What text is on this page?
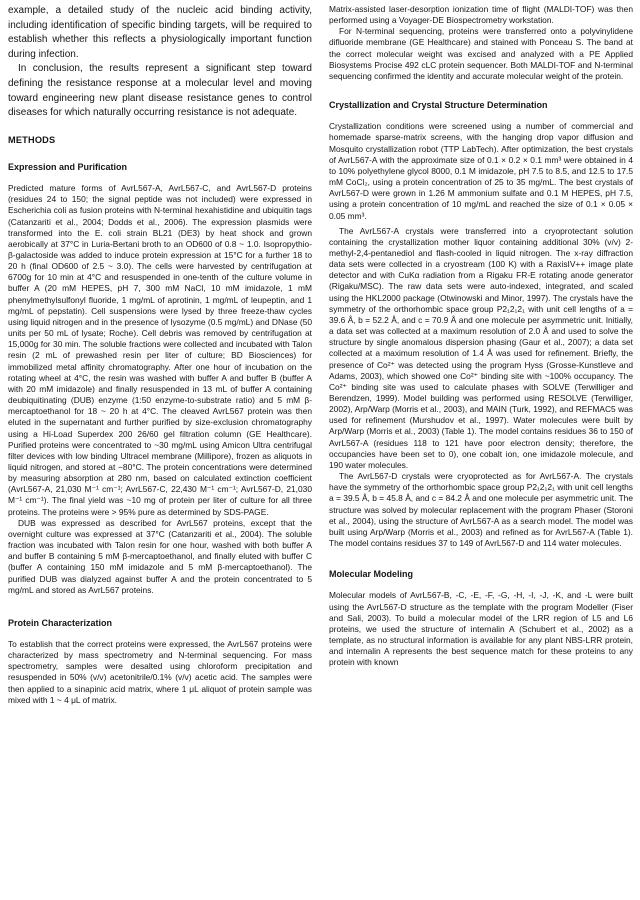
example, a detailed study of the nucleic acid binding activity, including identification of specific binding targets, will be required to establish whether this reflects a physiologically important function during infection.

In conclusion, the results represent a significant step toward defining the resistance response at a molecular level and moving toward engineering new plant disease resistance genes to control diseases for which naturally occurring resistance is not adequate.

METHODS
Expression and Purification

Predicted mature forms of AvrL567-A, AvrL567-C, and AvrL567-D proteins (residues 24 to 150; the signal peptide was not included) were expressed in Escherichia coli as fusion proteins with N-terminal hexahistidine and ubiquitin tags (Catanzariti et al., 2004; Dodds et al., 2006). The expression plasmids were transformed into the E. coli strain BL21 (DE3) by heat shock and grown aerobically at 37°C in Luria-Bertani broth to an OD600 of 0.8 ~ 1.0. Isopropythio-β-galactoside was added to induce protein expression at 15°C for a further 18 to 20 h (final OD600 of 2.5 ~ 3.0). The cells were harvested by centrifugation at 6700g for 10 min at 4°C and resuspended in one-tenth of the culture volume in buffer A (20 mM HEPES, pH 7, 300 mM NaCl, 10 mM imidazole, 1 mM phenylmethylsulfonyl fluoride, 1 mg/mL of aprotinin, 1 mg/mL of leupeptin, and 1 mg/mL of pepstatin). Cell suspensions were lysed by three freeze-thaw cycles using liquid nitrogen and in the presence of lysozyme (0.5 mg/mL) and DNase (50 units per 50 mL of lysate; Roche). Cell debris was removed by centrifugation at 15,000g for 30 min. The soluble fractions were collected and incubated with Talon resin (2 mL of prewashed resin per liter of culture; BD Biosciences) for immobilized metal affinity chromatography. After one hour of incubation on the rotating wheel at 4°C, the resin was washed with buffer A and buffer B (buffer A with 20 mM imidazole) and finally resuspended in 13 mL of buffer A containing deubiquitinating (DUB) enzyme (1:50 enzyme-to-substrate ratio) and 5 mM β-mercaptoethanol for 18 ~ 20 h at 4°C. The cleaved AvrL567 protein was then eluted in the supernatant and further purified by size-exclusion chromatography using a Hi-Load Superdex 200 26/60 gel filtration column (GE Healthcare). Purified proteins were concentrated to ~30 mg/mL using Amicon Ultra centrifugal filter devices with low binding Ultracel membrane (Millipore), frozen as aliquots in liquid nitrogen, and stored at −80°C. The protein concentrations were determined by measuring absorption at 280 nm, based on calculated extinction coefficient (AvrL567-A, 21,030 M⁻¹ cm⁻¹; AvrL567-C, 22,430 M⁻¹ cm⁻¹; AvrL567-D, 21,030 M⁻¹ cm⁻¹). The final yield was ~10 mg of protein per liter of culture for all three proteins. The proteins were > 95% pure as determined by SDS-PAGE.

DUB was expressed as described for AvrL567 proteins, except that the overnight culture was expressed at 37°C (Catanzariti et al., 2004). The soluble fraction was incubated with Talon resin for one hour, washed with both buffer A and buffer B containing 5 mM β-mercaptoethanol, and finally eluted with buffer C (buffer A containing 150 mM imidazole and 5 mM β-mercaptoethanol). The purified DUB was dialyzed against buffer A and the protein concentrated to 5 mg/mL and stored as AvrL567 proteins.

Protein Characterization

To establish that the correct proteins were expressed, the AvrL567 proteins were characterized by mass spectrometry and N-terminal sequencing. For mass spectrometry, samples were desalted using chloroform precipitation and resuspended in 50% (v/v) acetonitrile/0.1% (v/v) acetic acid. The samples were then applied to a sinapinic acid matrix, where 1 μL aliquot of protein sample was mixed with 1 ~ 4 μL of matrix.

Matrix-assisted laser-desorption ionization time of flight (MALDI-TOF) was then performed using a Voyager-DE Biospectrometry workstation.

For N-terminal sequencing, proteins were transferred onto a polyvinylidene difluoride membrane (GE Healthcare) and stained with Ponceau S. The band at the correct molecular weight was excised and analyzed with a PE Applied Biosystems Procise 492 cLC protein sequencer. Both MALDI-TOF and N-terminal sequencing confirmed the identity and accurate molecular weight of the protein.

Crystallization and Crystal Structure Determination

Crystallization conditions were screened using a number of commercial and homemade sparse-matrix screens, with the hanging drop vapor diffusion and Mosquito crystallization robot (TTP LabTech). After optimization, the best crystals of AvrL567-A with the approximate size of 0.1 × 0.2 × 0.1 mm³ were obtained in 4 to 10% polyethylene glycol 8000, 0.1 M imidazole, pH 7.5 to 8.5, and 12.5 to 17.5 mM CoCl₂, using a protein concentration of 25 to 35 mg/mL. The best crystals of AvrL567-D were grown in 1.26 M ammonium sulfate and 0.1 M HEPES, pH 7.5, using a protein concentration of 10 mg/mL and reached the size of 0.1 × 0.05 × 0.05 mm³.

The AvrL567-A crystals were transferred into a cryoprotectant solution containing the crystallization mother liquor containing additional 30% (v/v) 2-methyl-2,4-pentanediol and flash-cooled in liquid nitrogen. The x-ray diffraction data sets were collected in a cryostream (100 K) with a RaxisIV++ image plate detector and with CuKα radiation from a Rigaku FR-E rotating anode generator (Rigaku/MSC). The raw data sets were auto-indexed, integrated, and scaled using the HKL2000 package (Otwinowski and Minor, 1997). The crystals have the symmetry of the orthorhombic space group P2₁2₁2₁ with unit cell lengths of a = 39.6 Å, b = 52.2 Å, and c = 70.9 Å and one molecule per asymmetric unit. Initially, a data set was collected at a maximum resolution of 2.0 Å and used to solve the structure by single anomalous dispersion phasing (Gaur et al., 2007); a data set collected at a maximum resolution of 1.4 Å was used for refinement. Briefly, the presence of Co²⁺ was detected using the program Hyss (Grosse-Kunstleve and Adams, 2003), which showed one Co²⁺ binding site with ~100% occupancy. The Co²⁺ binding site was used to calculate phases with SOLVE (Terwilliger and Berendzen, 1999). Model building was performed using RESOLVE (Terwilliger, 2002), Arp/Warp (Morris et al., 2003), and MAIN (Turk, 1992), and REFMAC5 was used for refinement (Murshudov et al., 1997). Water molecules were built by Arp/Warp (Morris et al., 2003) (Table 1). The model contains residues 36 to 150 of AvrL567-A (residues 118 to 121 have poor electron density; therefore, the occupancies have been set to 0), one cobalt ion, one imidazole molecule, and 190 water molecules.

The AvrL567-D crystals were cryoprotected as for AvrL567-A. The crystals have the symmetry of the orthorhombic space group P2₁2₁2₁ with unit cell lengths a = 39.5 Å, b = 45.8 Å, and c = 84.2 Å and one molecule per asymmetric unit. The structure was solved by molecular replacement with the program Phaser (Storoni et al., 2004), using the structure of AvrL567-A as a search model. The model was built using Arp/Warp (Morris et al., 2003) and refined as for AvrL567-A (Table 1). The model contains residues 37 to 149 of AvrL567-D and 114 water molecules.

Molecular Modeling

Molecular models of AvrL567-B, -C, -E, -F, -G, -H, -I, -J, -K, and -L were built using the AvrL567-D structure as the template with the program Modeller (Fiser and Sali, 2003). To build a molecular model of the LRR region of L5 and L6 proteins, we used the structure of internalin A (Schubert et al., 2002) as a template, as no structural information is available for any plant NBS-LRR protein, and internalin A represents the best sequence match for these proteins to any protein with known
